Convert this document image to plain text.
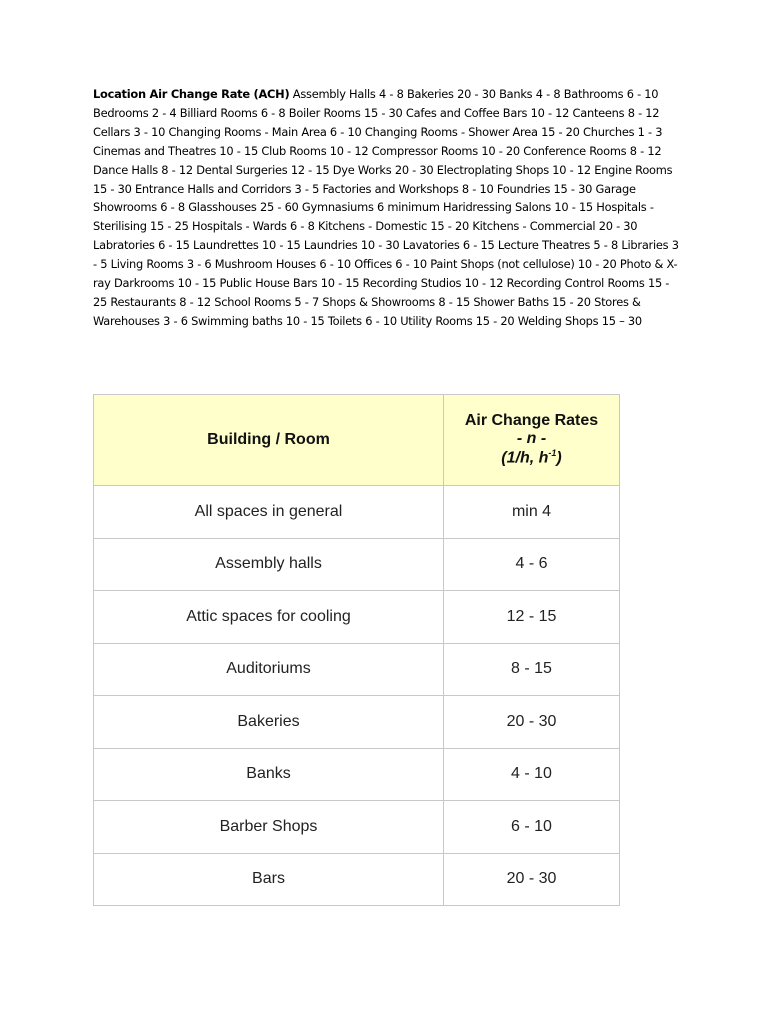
Location Air Change Rate (ACH) Assembly Halls 4 - 8 Bakeries 20 - 30 Banks 4 - 8 Bathrooms 6 - 10 Bedrooms 2 - 4 Billiard Rooms 6 - 8 Boiler Rooms 15 - 30 Cafes and Coffee Bars 10 - 12 Canteens 8 - 12 Cellars 3 - 10 Changing Rooms - Main Area 6 - 10 Changing Rooms - Shower Area 15 - 20 Churches 1 - 3 Cinemas and Theatres 10 - 15 Club Rooms 10 - 12 Compressor Rooms 10 - 20 Conference Rooms 8 - 12 Dance Halls 8 - 12 Dental Surgeries 12 - 15 Dye Works 20 - 30 Electroplating Shops 10 - 12 Engine Rooms 15 - 30 Entrance Halls and Corridors 3 - 5 Factories and Workshops 8 - 10 Foundries 15 - 30 Garage Showrooms 6 - 8 Glasshouses 25 - 60 Gymnasiums 6 minimum Haridressing Salons 10 - 15 Hospitals - Sterilising 15 - 25 Hospitals - Wards 6 - 8 Kitchens - Domestic 15 - 20 Kitchens - Commercial 20 - 30 Labratories 6 - 15 Laundrettes 10 - 15 Laundries 10 - 30 Lavatories 6 - 15 Lecture Theatres 5 - 8 Libraries 3 - 5 Living Rooms 3 - 6 Mushroom Houses 6 - 10 Offices 6 - 10 Paint Shops (not cellulose) 10 - 20 Photo & X-ray Darkrooms 10 - 15 Public House Bars 10 - 15 Recording Studios 10 - 12 Recording Control Rooms 15 - 25 Restaurants 8 - 12 School Rooms 5 - 7 Shops & Showrooms 8 - 15 Shower Baths 15 - 20 Stores & Warehouses 3 - 6 Swimming baths 10 - 15 Toilets 6 - 10 Utility Rooms 15 - 20 Welding Shops 15 – 30

Building / Room	Air Change Rates
- n -
(1/h, $h^{-1}$)

All spaces in general	min 4
Assembly halls	4 - 6
Attic spaces for cooling	12 - 15
Auditoriums	8 - 15
Bakeries	20 - 30
Banks	4 - 10
Barber Shops	6 - 10
Bars	20 - 30
